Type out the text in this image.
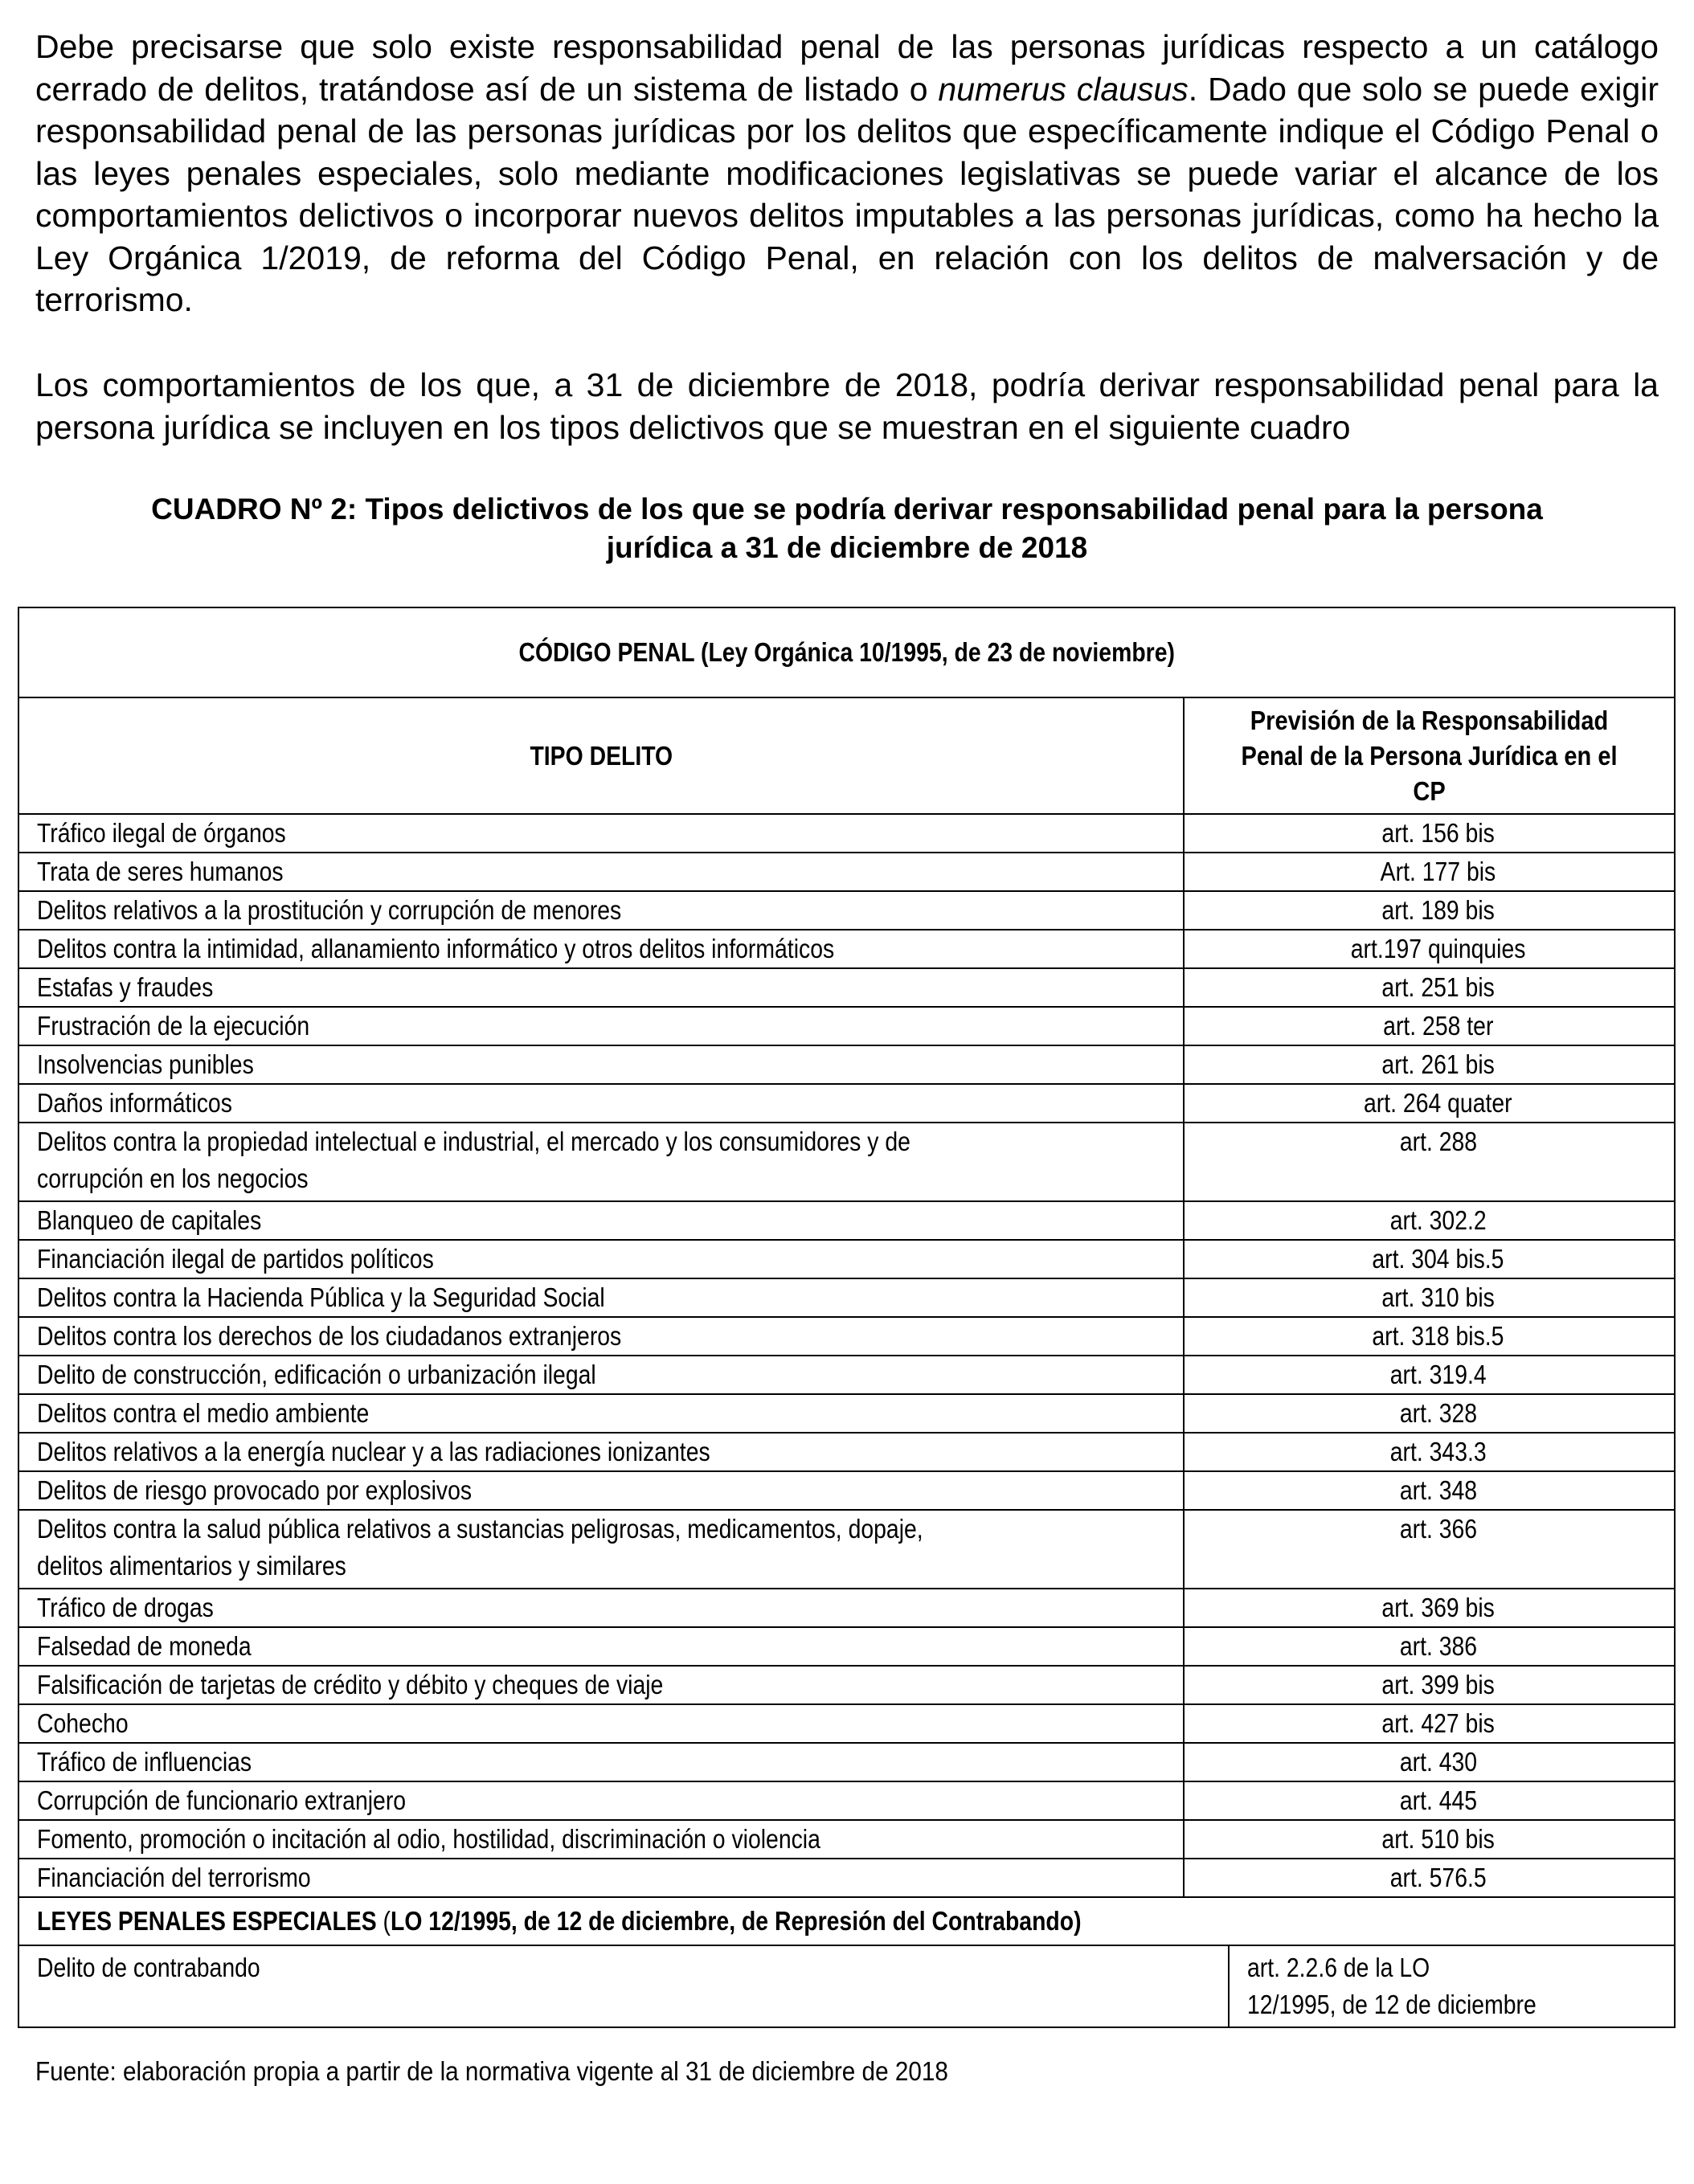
Debe precisarse que solo existe responsabilidad penal de las personas jurídicas respecto a un catálogo cerrado de delitos, tratándose así de un sistema de listado o numerus clausus. Dado que solo se puede exigir responsabilidad penal de las personas jurídicas por los delitos que específicamente indique el Código Penal o las leyes penales especiales, solo mediante modificaciones legislativas se puede variar el alcance de los comportamientos delictivos o incorporar nuevos delitos imputables a las personas jurídicas, como ha hecho la Ley Orgánica 1/2019, de reforma del Código Penal, en relación con los delitos de malversación y de terrorismo.

Los comportamientos de los que, a 31 de diciembre de 2018, podría derivar responsabilidad penal para la persona jurídica se incluyen en los tipos delictivos que se muestran en el siguiente cuadro

CUADRO Nº 2: Tipos delictivos de los que se podría derivar responsabilidad penal para la persona
jurídica a 31 de diciembre de 2018

CÓDIGO PENAL (Ley Orgánica 10/1995, de 23 de noviembre)		
TIPO DELITO	Previsión de la Responsabilidad Penal de la Persona Jurídica en el CP	

Tráfico ilegal de órganos	art. 156 bis	
Trata de seres humanos	Art. 177 bis	
Delitos relativos a la prostitución y corrupción de menores	art. 189 bis	
Delitos contra la intimidad, allanamiento informático y otros delitos informáticos	art.197 quinquies	
Estafas y fraudes	art. 251 bis	
Frustración de la ejecución	art. 258 ter	
Insolvencias punibles	art. 261 bis	
Daños informáticos	art. 264 quater	
Delitos contra la propiedad intelectual e industrial, el mercado y los consumidores y de
corrupción en los negocios	art. 288	
Blanqueo de capitales	art. 302.2	
Financiación ilegal de partidos políticos	art. 304 bis.5	
Delitos contra la Hacienda Pública y la Seguridad Social	art. 310 bis	
Delitos contra los derechos de los ciudadanos extranjeros	art. 318 bis.5	
Delito de construcción, edificación o urbanización ilegal	art. 319.4	
Delitos contra el medio ambiente	art. 328	
Delitos relativos a la energía nuclear y a las radiaciones ionizantes	art. 343.3	
Delitos de riesgo provocado por explosivos	art. 348	
Delitos contra la salud pública relativos a sustancias peligrosas, medicamentos, dopaje,
delitos alimentarios y similares	art. 366	
Tráfico de drogas	art. 369 bis	
Falsedad de moneda	art. 386	
Falsificación de tarjetas de crédito y débito y cheques de viaje	art. 399 bis	
Cohecho	art. 427 bis	
Tráfico de influencias	art. 430	
Corrupción de funcionario extranjero	art. 445	
Fomento, promoción o incitación al odio, hostilidad, discriminación o violencia	art. 510 bis	
Financiación del terrorismo	art. 576.5	
LEYES PENALES ESPECIALES (LO 12/1995, de 12 de diciembre, de Represión del Contrabando)		
Delito de contrabando		art. 2.2.6 de la LO
12/1995, de 12 de diciembre

Fuente: elaboración propia a partir de la normativa vigente al 31 de diciembre de 2018
